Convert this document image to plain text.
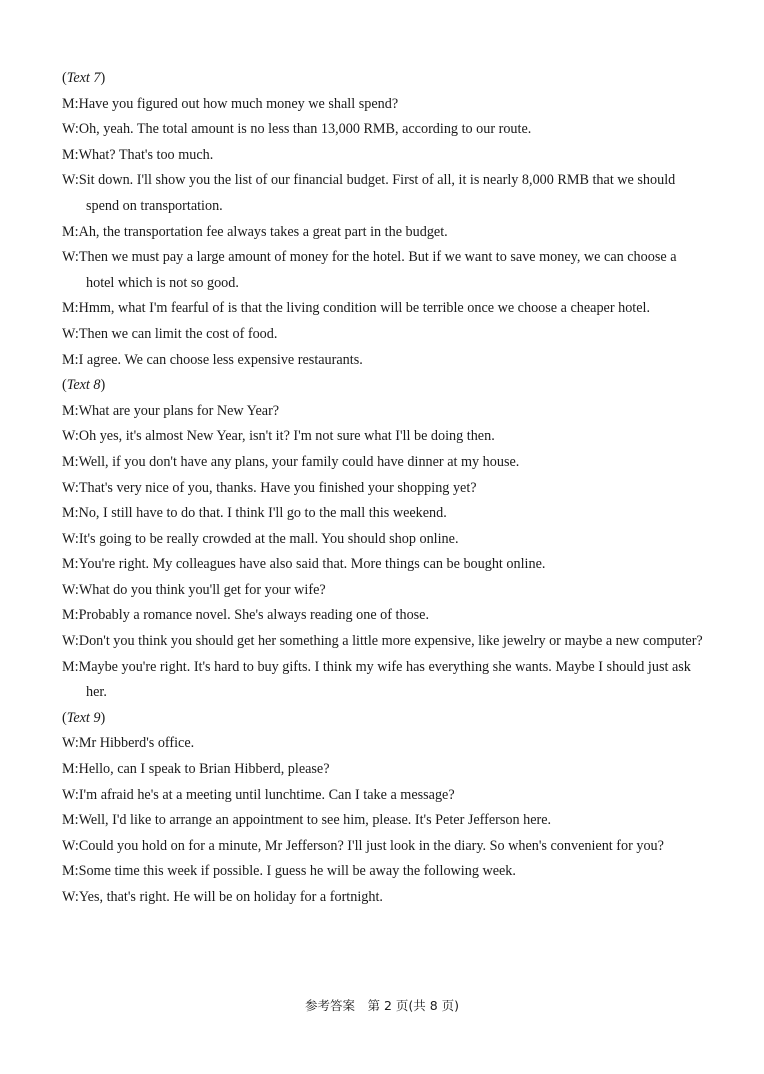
(Text 7)
M:Have you figured out how much money we shall spend?
W:Oh, yeah. The total amount is no less than 13,000 RMB, according to our route.
M:What? That's too much.
W:Sit down. I'll show you the list of our financial budget. First of all, it is nearly 8,000 RMB that we should spend on transportation.
M:Ah, the transportation fee always takes a great part in the budget.
W:Then we must pay a large amount of money for the hotel. But if we want to save money, we can choose a hotel which is not so good.
M:Hmm, what I'm fearful of is that the living condition will be terrible once we choose a cheaper hotel.
W:Then we can limit the cost of food.
M:I agree. We can choose less expensive restaurants.
(Text 8)
M:What are your plans for New Year?
W:Oh yes, it's almost New Year, isn't it? I'm not sure what I'll be doing then.
M:Well, if you don't have any plans, your family could have dinner at my house.
W:That's very nice of you, thanks. Have you finished your shopping yet?
M:No, I still have to do that. I think I'll go to the mall this weekend.
W:It's going to be really crowded at the mall. You should shop online.
M:You're right. My colleagues have also said that. More things can be bought online.
W:What do you think you'll get for your wife?
M:Probably a romance novel. She's always reading one of those.
W:Don't you think you should get her something a little more expensive, like jewelry or maybe a new computer?
M:Maybe you're right. It's hard to buy gifts. I think my wife has everything she wants. Maybe I should just ask her.
(Text 9)
W:Mr Hibberd's office.
M:Hello, can I speak to Brian Hibberd, please?
W:I'm afraid he's at a meeting until lunchtime. Can I take a message?
M:Well, I'd like to arrange an appointment to see him, please. It's Peter Jefferson here.
W:Could you hold on for a minute, Mr Jefferson? I'll just look in the diary. So when's convenient for you?
M:Some time this week if possible. I guess he will be away the following week.
W:Yes, that's right. He will be on holiday for a fortnight.
参考答案　第 2 页(共 8 页)
